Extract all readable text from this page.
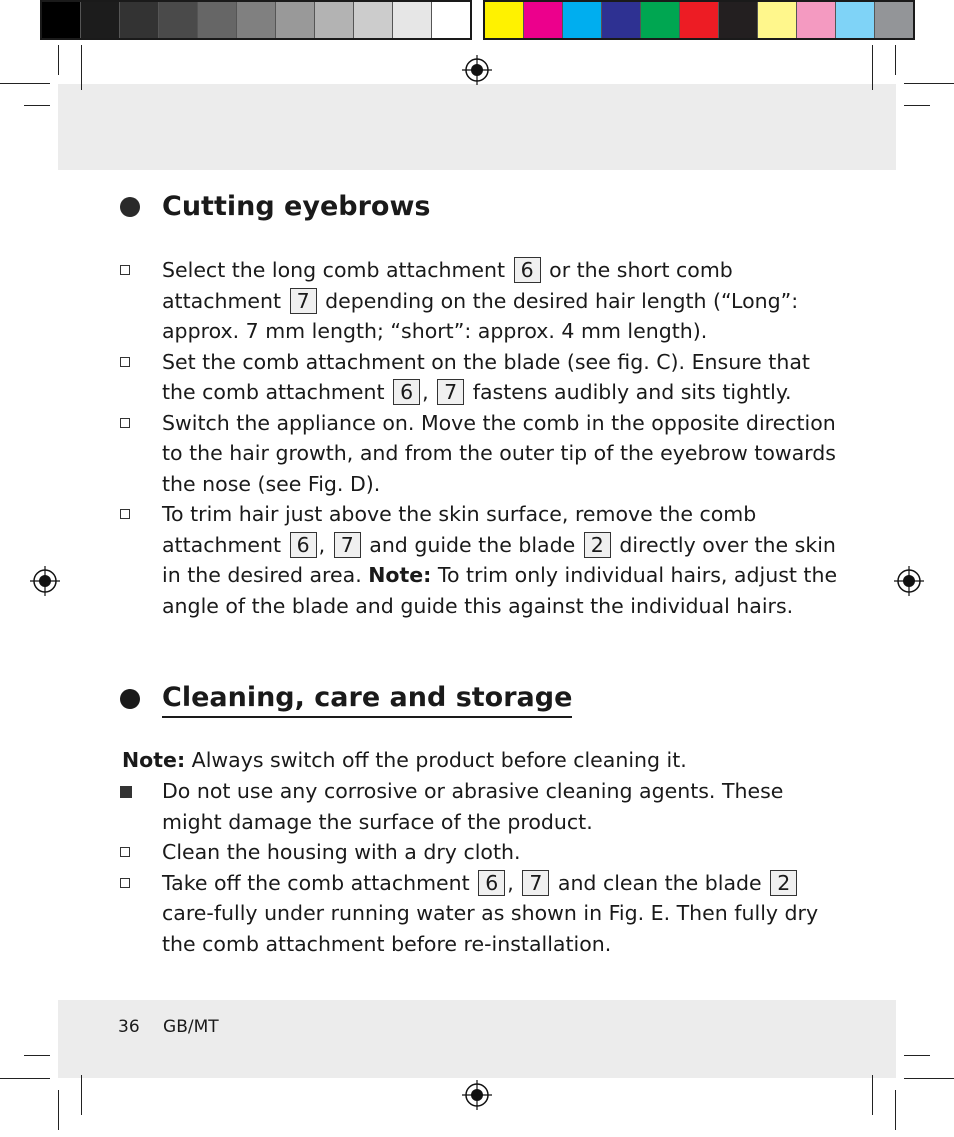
Cutting eyebrows
Select the long comb attachment 6 or the short comb attachment 7 depending on the desired hair length (“Long”: approx. 7 mm length; “short”: approx. 4 mm length).
Set the comb attachment on the blade (see fig. C). Ensure that the comb attachment 6 , 7 fastens audibly and sits tightly.
Switch the appliance on. Move the comb in the opposite direction to the hair growth, and from the outer tip of the eyebrow towards the nose (see Fig. D).
To trim hair just above the skin surface, remove the comb attachment 6 , 7 and guide the blade 2 directly over the skin in the desired area. Note: To trim only individual hairs, adjust the angle of the blade and guide this against the individual hairs.
Cleaning, care and storage

Note: Always switch off the product before cleaning it.

Do not use any corrosive or abrasive cleaning agents. These might damage the surface of the product.
Clean the housing with a dry cloth.
Take off the comb attachment 6 , 7 and clean the blade 2 care-fully under running water as shown in Fig. E. Then fully dry the comb attachment before re-installation.
36 GB/MT
